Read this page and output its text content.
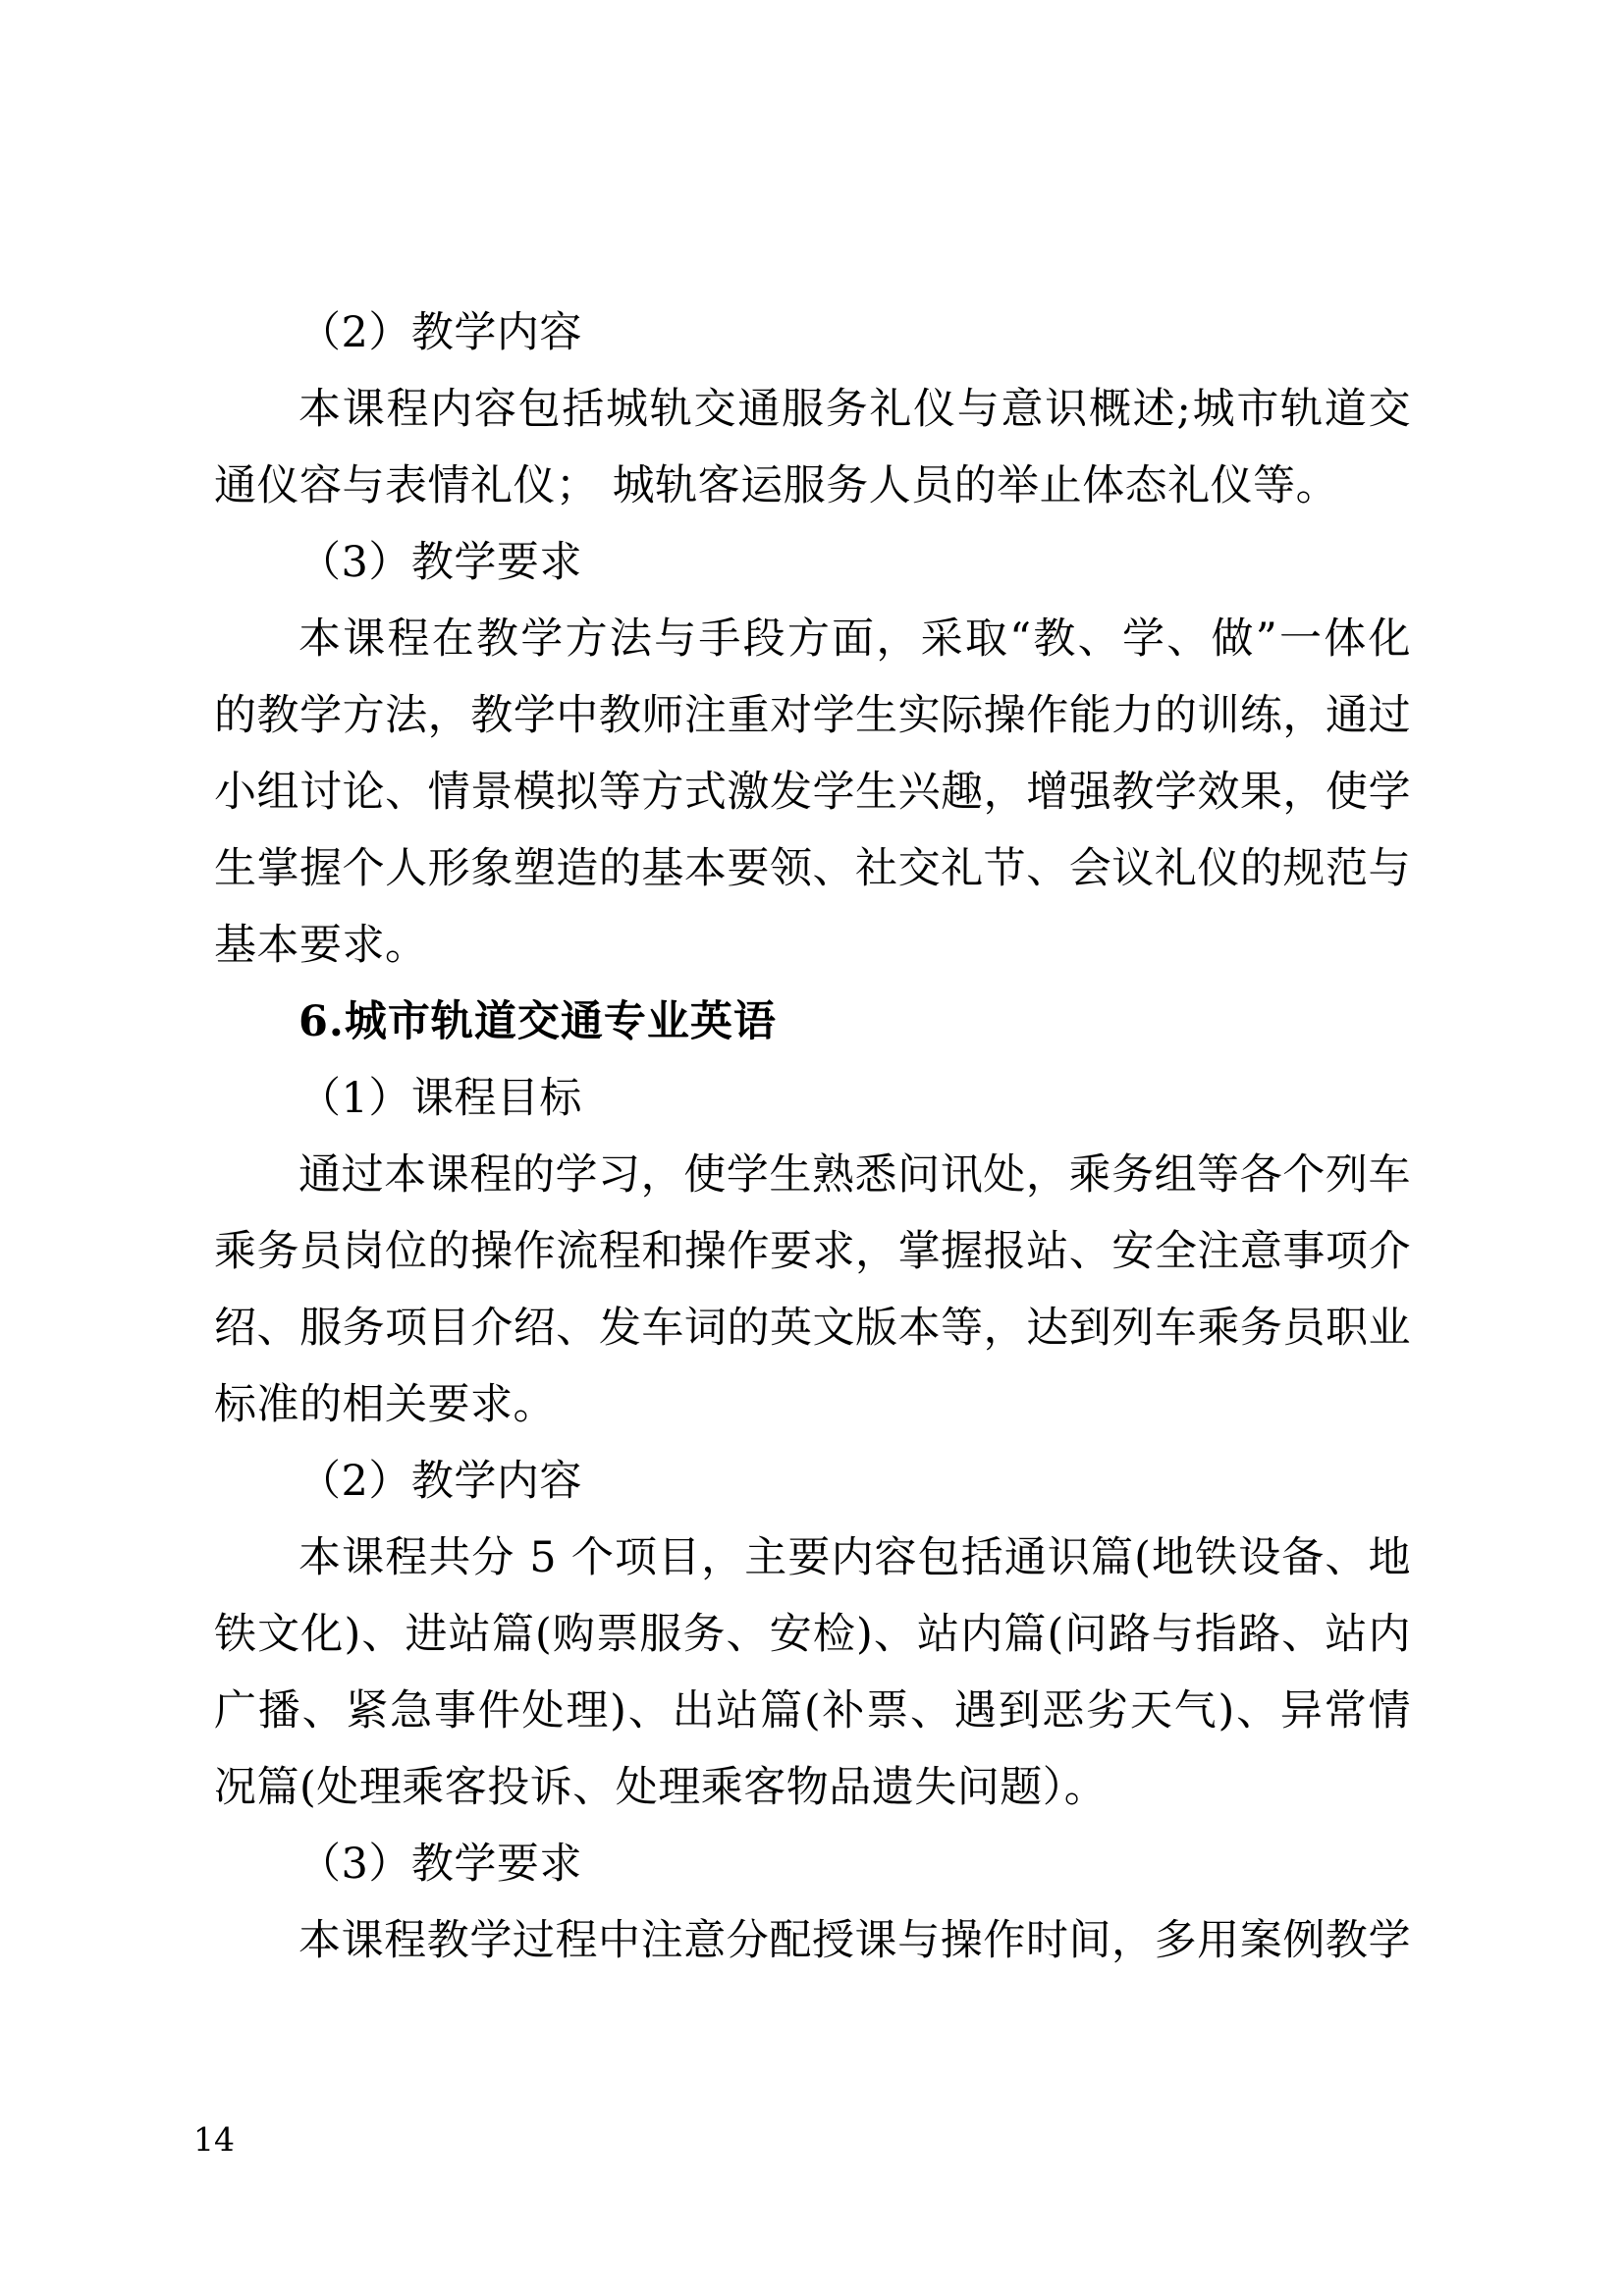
（2）教学内容
本课程内容包括城轨交通服务礼仪与意识概述;城市轨道交
通仪容与表情礼仪； 城轨客运服务人员的举止体态礼仪等。
（3）教学要求
本课程在教学方法与手段方面，采取“教、学、做”一体化
的教学方法，教学中教师注重对学生实际操作能力的训练，通过
小组讨论、情景模拟等方式激发学生兴趣，增强教学效果，使学
生掌握个人形象塑造的基本要领、社交礼节、会议礼仪的规范与
基本要求。
6.城市轨道交通专业英语
（1）课程目标
通过本课程的学习，使学生熟悉问讯处，乘务组等各个列车
乘务员岗位的操作流程和操作要求，掌握报站、安全注意事项介
绍、服务项目介绍、发车词的英文版本等，达到列车乘务员职业
标准的相关要求。
（2）教学内容
本课程共分 5 个项目，主要内容包括通识篇(地铁设备、地
铁文化)、进站篇(购票服务、安检)、站内篇(问路与指路、站内
广播、紧急事件处理)、出站篇(补票、遇到恶劣天气)、异常情
况篇(处理乘客投诉、处理乘客物品遗失问题）。
（3）教学要求
本课程教学过程中注意分配授课与操作时间，多用案例教学
14
